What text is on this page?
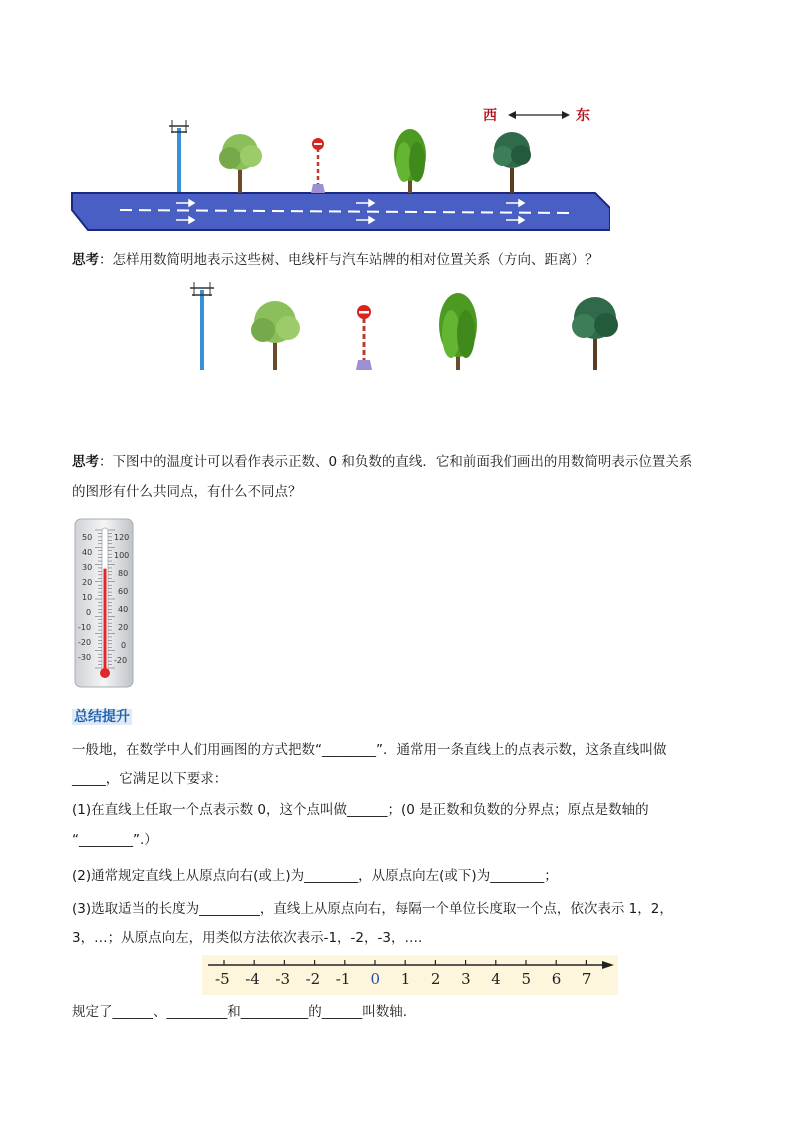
西	东
思考：怎样用数简明地表示这些树、电线杆与汽车站牌的相对位置关系（方向、距离）？
思考：下图中的温度计可以看作表示正数、0 和负数的直线．它和前面我们画出的用数简明表示位置关系
的图形有什么共同点，有什么不同点？
50
40
30
20
10
0
-10
-20
-30
120
100
80
60
40
20
0
-20
总结提升
一般地，在数学中人们用画图的方式把数“________”．通常用一条直线上的点表示数，这条直线叫做
_____，它满足以下要求：
(1)在直线上任取一个点表示数 0，这个点叫做______；(0 是正数和负数的分界点；原点是数轴的
“________”.）
(2)通常规定直线上从原点向右(或上)为________，从原点向左(或下)为________；
(3)选取适当的长度为_________，直线上从原点向右，每隔一个单位长度取一个点，依次表示 1，2，
3，…；从原点向左，用类似方法依次表示-1，-2，-3，….
-5 -4 -3 -2 -1 0 1 2 3 4 5 6 7
规定了______、_________和__________的______叫数轴.
